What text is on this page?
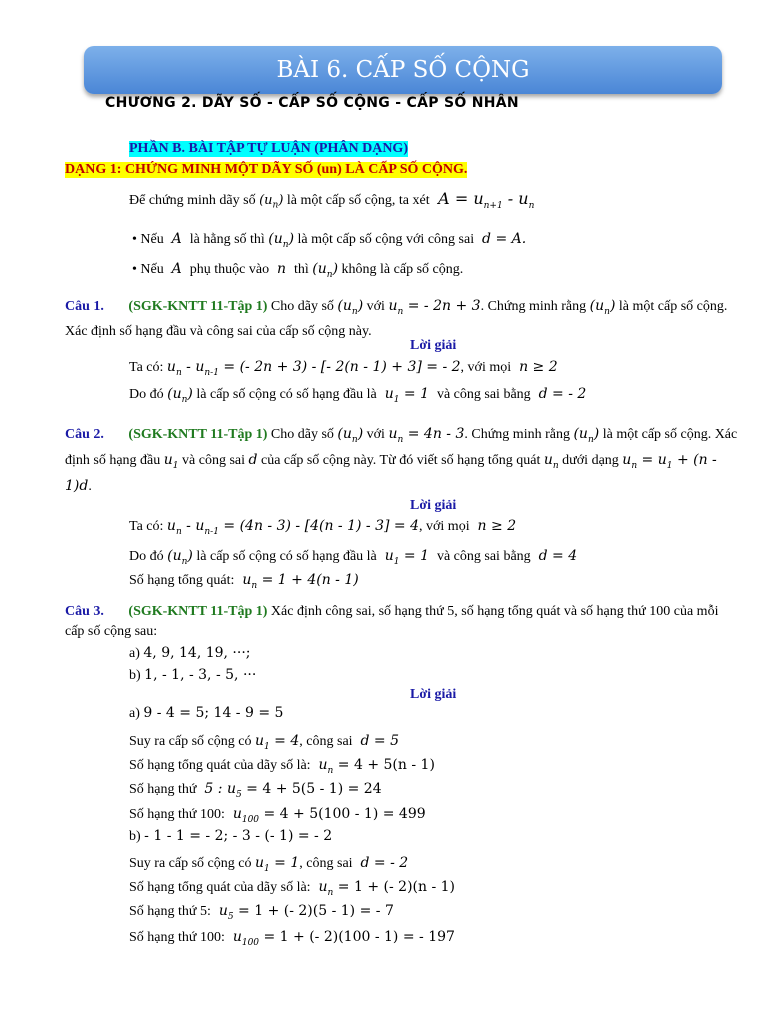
BÀI 6. CẤP SỐ CỘNG
CHƯƠNG 2. DÃY SỐ - CẤP SỐ CỘNG - CẤP SỐ NHÂN
PHẦN B. BÀI TẬP TỰ LUẬN (PHÂN DẠNG)
DẠNG 1: CHỨNG MINH MỘT DÃY SỐ (un) LÀ CẤP SỐ CỘNG.
Để chứng minh dãy số $(u_n)$ là một cấp số cộng, ta xét  $A = u_{n+1} - u_n$
• Nếu  A  là hằng số thì $(u_n)$ là một cấp số cộng với công sai  d = A.
• Nếu  A  phụ thuộc vào  n  thì $(u_n)$ không là cấp số cộng.
Câu 1. (SGK-KNTT 11-Tập 1) Cho dãy số $(u_n)$ với $u_n$ = - 2n + 3. Chứng minh rằng $(u_n)$ là một cấp số cộng. Xác định số hạng đầu và công sai của cấp số cộng này.
Lời giải
Ta có: $u_n - u_{n-1}$ = (- 2n + 3) - [- 2(n - 1) + 3] = - 2, với mọi  n ≥ 2
Do đó $(u_n)$ là cấp số cộng có số hạng đầu là  $u_1 = 1$  và công sai bằng  d = - 2
Câu 2. (SGK-KNTT 11-Tập 1) Cho dãy số $(u_n)$ với $u_n = 4n - 3$. Chứng minh rằng $(u_n)$ là một cấp số cộng. Xác định số hạng đầu $u_1$ và công sai d của cấp số cộng này. Từ đó viết số hạng tổng quát $u_n$ dưới dạng $u_n = u_1 + (n - 1)d$.
Lời giải
Ta có: $u_n - u_{n-1} = (4n - 3) - [4(n - 1) - 3] = 4$, với mọi  n ≥ 2
Do đó $(u_n)$ là cấp số cộng có số hạng đầu là  $u_1 = 1$  và công sai bằng  d = 4
Số hạng tổng quát:  $u_n = 1 + 4(n - 1)$
Câu 3. (SGK-KNTT 11-Tập 1) Xác định công sai, số hạng thứ 5, số hạng tổng quát và số hạng thứ 100 của mỗi cấp số cộng sau:
a) 4, 9, 14, 19, ···;
b) 1, - 1, - 3, - 5, ···
Lời giải
a) 9 - 4 = 5; 14 - 9 = 5
Suy ra cấp số cộng có $u_1 = 4$, công sai  d = 5
Số hạng tổng quát của dãy số là:  $u_n = 4 + 5(n - 1)$
Số hạng thứ  5 : $u_5 = 4 + 5(5 - 1) = 24$
Số hạng thứ 100:  $u_{100} = 4 + 5(100 - 1) = 499$
b) - 1 - 1 = - 2; - 3 - (- 1) = - 2
Suy ra cấp số cộng có $u_1 = 1$, công sai  d = - 2
Số hạng tổng quát của dãy số là:  $u_n = 1$ + (- 2)(n - 1)
Số hạng thứ 5:  $u_5 = 1$ + (- 2)(5 - 1) = - 7
Số hạng thứ 100:  $u_{100} = 1$ + (- 2)(100 - 1) = - 197
